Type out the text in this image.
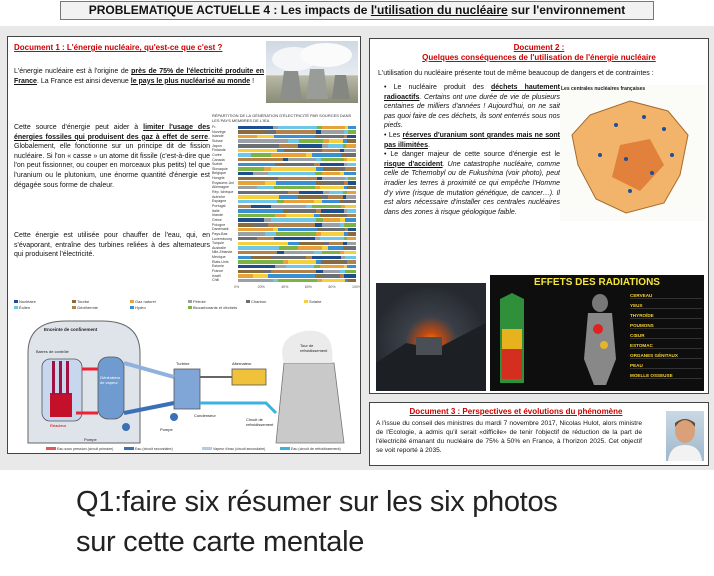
PROBLEMATIQUE ACTUELLE 4 : Les impacts de l'utilisation du nucléaire sur l'environnement
Document 1 : L'énergie nucléaire, qu'est-ce que c'est ?
L'énergie nucléaire est à l'origine de près de 75% de l'électricité produite en France. La France est ainsi devenue le pays le plus nucléarisé au monde !
Cette source d'énergie peut aider à limiter l'usage des énergies fossiles qui produisent des gaz à effet de serre. Globalement, elle fonctionne sur un principe dit de fission nucléaire. Si l'on « casse » un atome dit fissile (c'est-à-dire que l'on peut fissionner, ou couper en morceaux plus petits) tel que l'uranium ou le plutonium, une énorme quantité d'énergie est dégagée sous forme de chaleur.
Cette énergie est utilisée pour chauffer de l'eau, qui, en s'évaporant, entraîne des turbines reliées à des alternateurs qui produisent l'électricité.
RÉPARTITION DE LA GÉNÉRATION D'ÉLECTRICITÉ PAR SOURCES DANS LES PAYS MEMBRES DE L'IEA
Fr.
Norvège
Islande
Suisse
Japon
Finlande
Corée
Canada
Suède
Slovaquie
Belgique
Hongrie
Royaume-Uni
Allemagne
Rép. tchèque
Autriche
Espagne
Portugal
Italie
Irlande
Grèce
Pologne
Danemark
Pays-Bas
Luxembourg
Turquie
Australie
Nlle-Zélande
Mexique
États-Unis
Estonie
France
Israël
Chili
0%	20%	40%	60%	80%	100%
Nucléaire	Tourbe	Gaz naturel	Pétrole	Charbon	Solaire
Éolien	Géothermie	Hydro	Biocarburants et déchets
Enceinte de confinement
Barres de contrôle
Générateur de vapeur
Réacteur
Pompe
Turbine	Alternateur
Tour de refroidissement
Condenseur
Pompe
Circuit de refroidissement
Eau sous pression (circuit primaire)	Eau (circuit secondaire)	Vapeur d'eau (circuit secondaire)	Eau (circuit de refroidissement)
Document 2 :
Quelques conséquences de l'utilisation de l'énergie nucléaire
L'utilisation du nucléaire présente tout de même beaucoup de dangers et de contraintes :
• Le nucléaire produit des déchets hautement radioactifs. Certains ont une durée de vie de plusieurs centaines de milliers d'années ! Aujourd'hui, on ne sait pas quoi faire de ces déchets, ils sont enterrés sous nos pieds.
• Les réserves d'uranium sont grandes mais ne sont pas illimitées.
• Le danger majeur de cette source d'énergie est le risque d'accident. Une catastrophe nucléaire, comme celle de Tchernobyl ou de Fukushima (voir photo), peut irradier les terres à proximité ce qui empêche l'Homme d'y vivre (risque de mutation génétique, de cancer…). Il est alors nécessaire d'installer ces centrales nucléaires dans des zones à risque géologique faible.
Les centrales nucléaires françaises
EFFETS DES RADIATIONS
CERVEAU
YEUX
THYROÏDE
POUMONS
CŒUR
ESTOMAC
ORGANES GÉNITAUX
PEAU
MOELLE OSSEUSE
Document 3 : Perspectives et évolutions du phénomène
A l'issue du conseil des ministres du mardi 7 novembre 2017, Nicolas Hulot, alors ministre de l'Ecologie, a admis qu'il serait «difficile» de tenir l'objectif de réduction de la part de l'électricité émanant du nucléaire de 75% à 50% en France, à l'horizon 2025. Cet objectif se voit reporté à 2035.
Q1:faire six résumer sur les six photos
sur cette carte mentale
